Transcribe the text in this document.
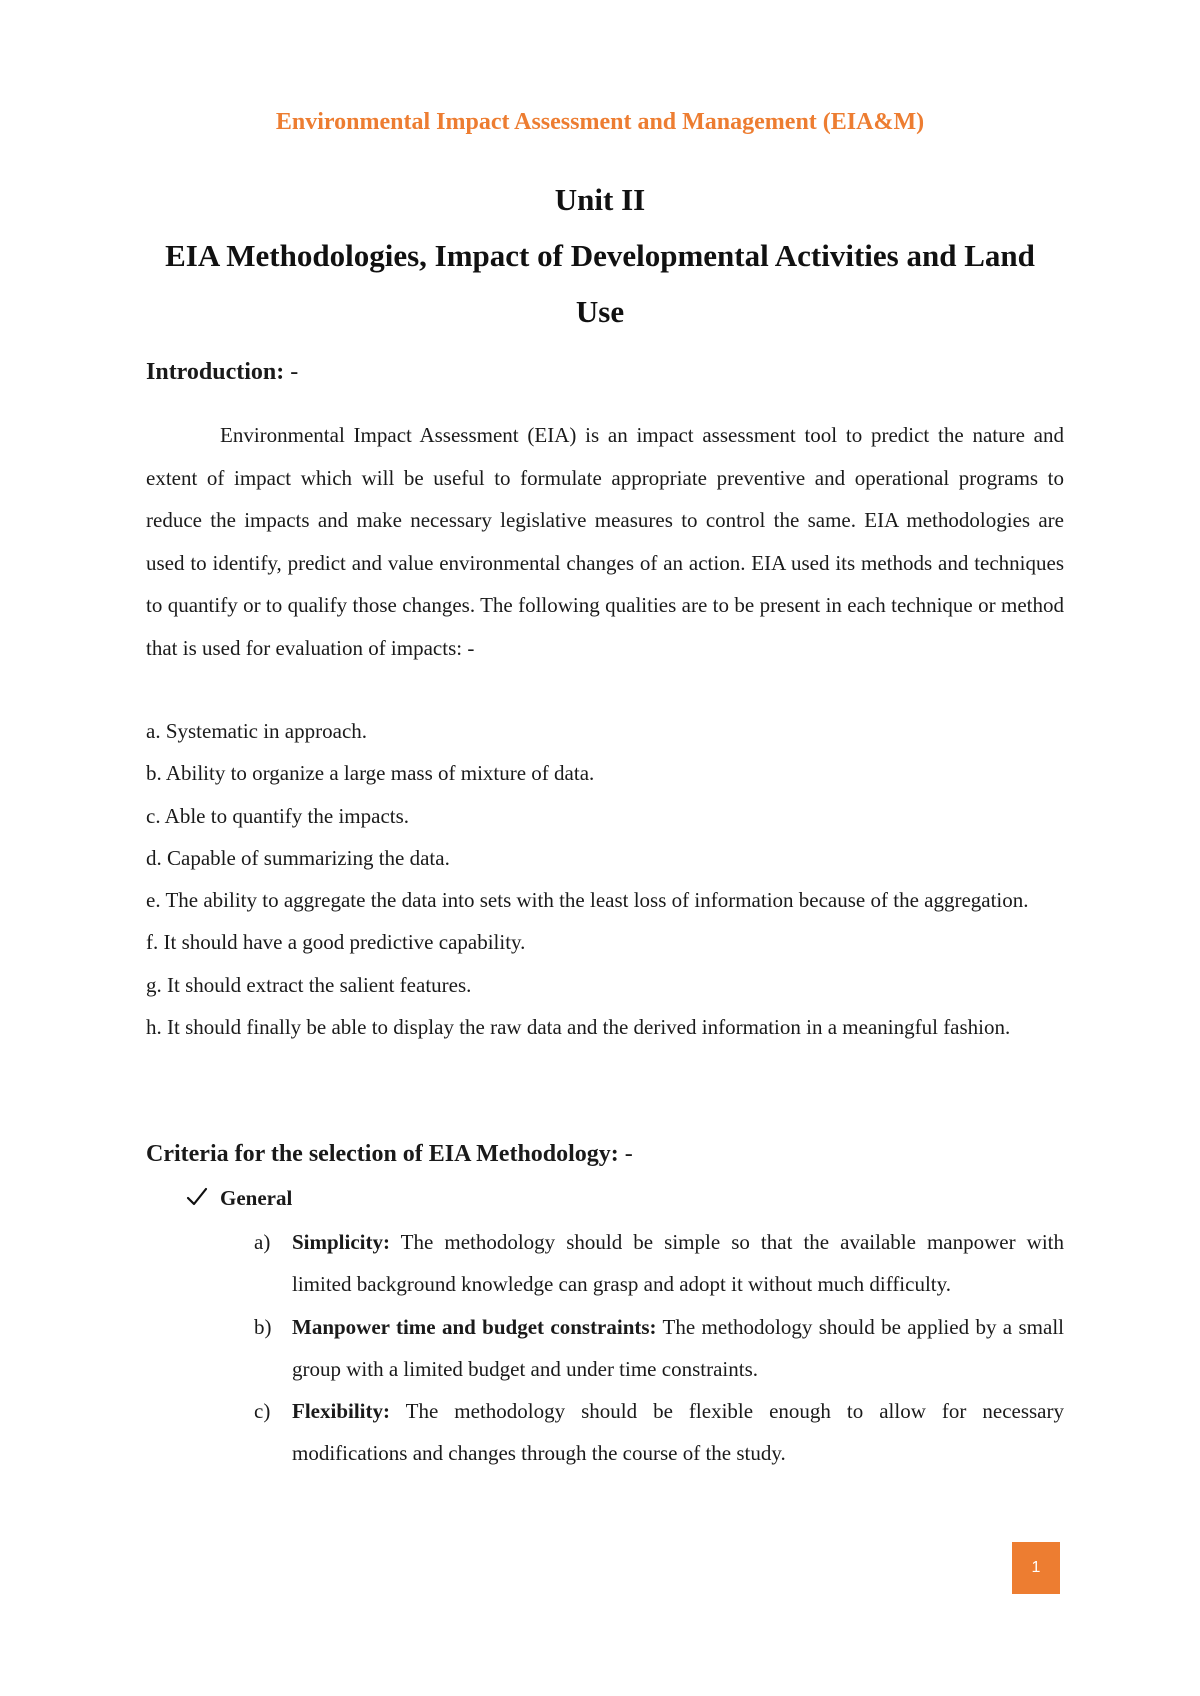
Environmental Impact Assessment and Management (EIA&M)
Unit II
EIA Methodologies, Impact of Developmental Activities and Land
Use
Introduction: -

Environmental Impact Assessment (EIA) is an impact assessment tool to predict the nature and extent of impact which will be useful to formulate appropriate preventive and operational programs to reduce the impacts and make necessary legislative measures to control the same. EIA methodologies are used to identify, predict and value environmental changes of an action. EIA used its methods and techniques to quantify or to qualify those changes. The following qualities are to be present in each technique or method that is used for evaluation of impacts: -

a. Systematic in approach.
b. Ability to organize a large mass of mixture of data.
c. Able to quantify the impacts.
d. Capable of summarizing the data.
e. The ability to aggregate the data into sets with the least loss of information because of the aggregation.
f. It should have a good predictive capability.
g. It should extract the salient features.
h. It should finally be able to display the raw data and the derived information in a meaningful fashion.
Criteria for the selection of EIA Methodology: -
General
a) Simplicity: The methodology should be simple so that the available manpower with limited background knowledge can grasp and adopt it without much difficulty.
b) Manpower time and budget constraints: The methodology should be applied by a small group with a limited budget and under time constraints.
c) Flexibility: The methodology should be flexible enough to allow for necessary modifications and changes through the course of the study.
1
